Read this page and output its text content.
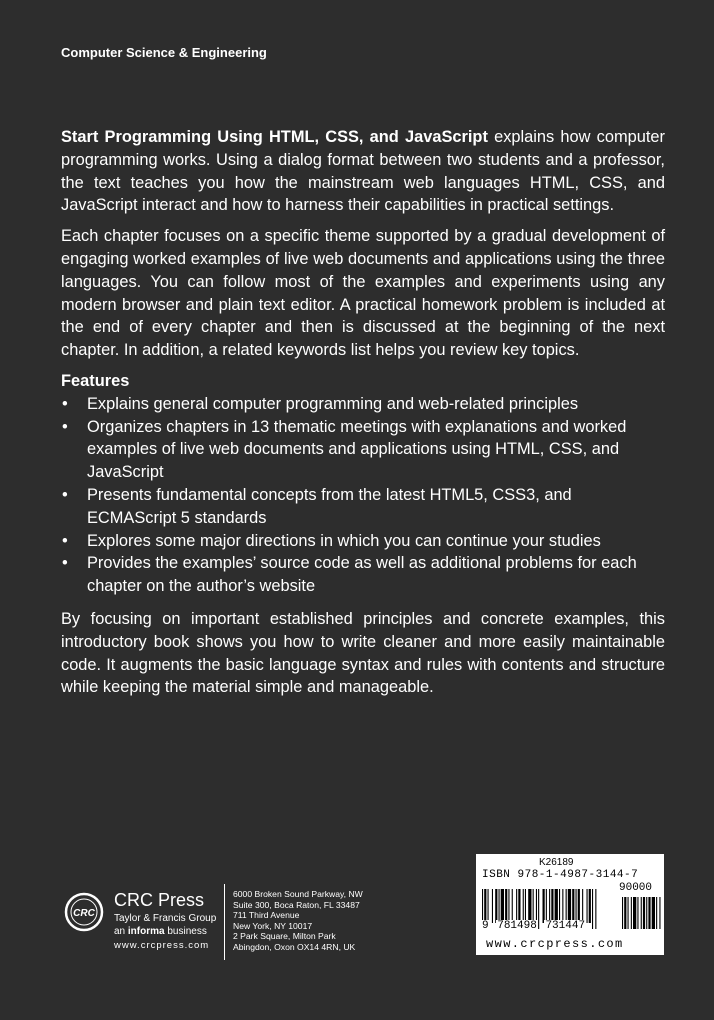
Computer Science & Engineering

Start Programming Using HTML, CSS, and JavaScript explains how computer programming works. Using a dialog format between two students and a professor, the text teaches you how the mainstream web languages HTML, CSS, and JavaScript interact and how to harness their capabilities in practical settings.

Each chapter focuses on a specific theme supported by a gradual development of engaging worked examples of live web documents and applications using the three languages. You can follow most of the examples and experiments using any modern browser and plain text editor. A practical homework problem is included at the end of every chapter and then is discussed at the beginning of the next chapter. In addition, a related keywords list helps you review key topics.

Features
• Explains general computer programming and web-related principles
• Organizes chapters in 13 thematic meetings with explanations and worked examples of live web documents and applications using HTML, CSS, and JavaScript
• Presents fundamental concepts from the latest HTML5, CSS3, and ECMAScript 5 standards
• Explores some major directions in which you can continue your studies
• Provides the examples’ source code as well as additional problems for each chapter on the author’s website

By focusing on important established principles and concrete examples, this introductory book shows you how to write cleaner and more easily maintainable code. It augments the basic language syntax and rules with contents and structure while keeping the material simple and manageable.

CRC
CRC Press
Taylor & Francis Group
an informa business
www.crcpress.com
6000 Broken Sound Parkway, NW
Suite 300, Boca Raton, FL 33487
711 Third Avenue
New York, NY 10017
2 Park Square, Milton Park
Abingdon, Oxon OX14 4RN, UK
K26189
ISBN 978-1-4987-3144-7
90000
9 781498 731447
www.crcpress.com
